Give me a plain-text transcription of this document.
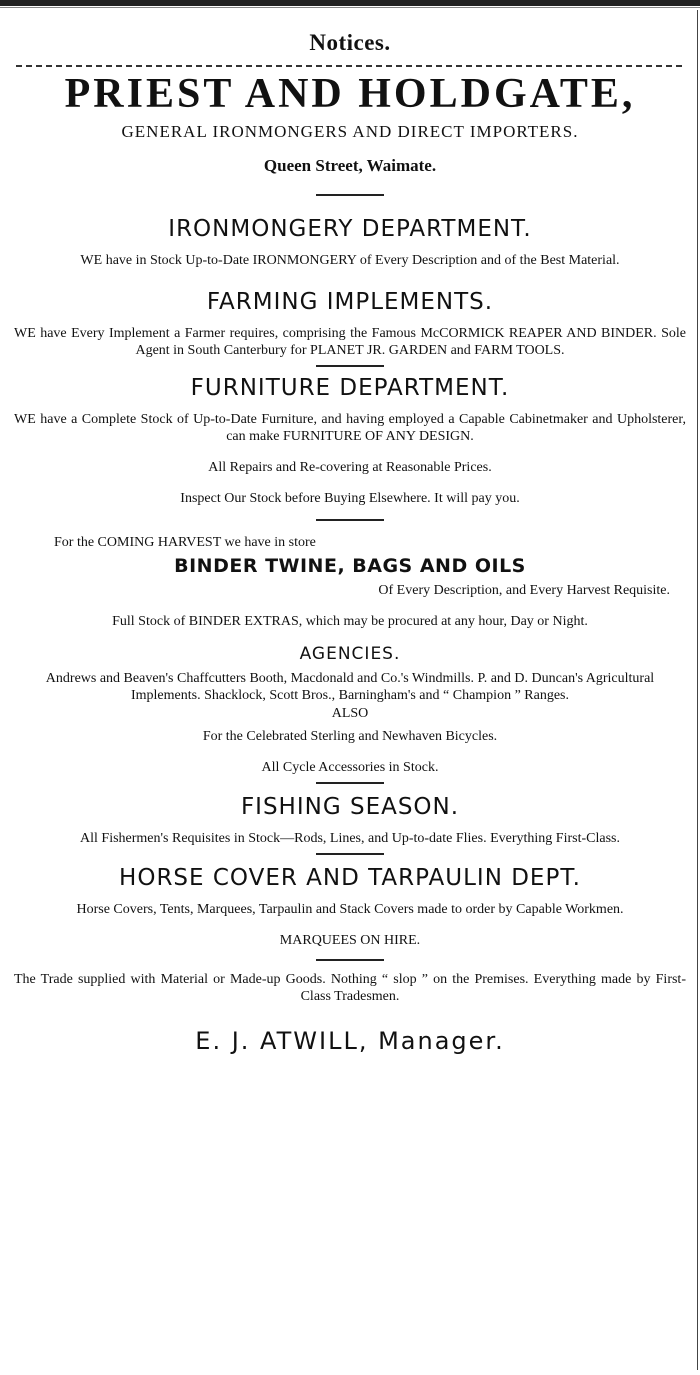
Notices.
PRIEST AND HOLDGATE,
GENERAL IRONMONGERS AND DIRECT IMPORTERS.
Queen Street, Waimate.
IRONMONGERY DEPARTMENT.
WE have in Stock Up-to-Date IRONMONGERY of Every Description and of the Best Material.
FARMING IMPLEMENTS.
WE have Every Implement a Farmer requires, comprising the Famous McCORMICK REAPER AND BINDER. Sole Agent in South Canterbury for PLANET JR. GARDEN and FARM TOOLS.
FURNITURE DEPARTMENT.
WE have a Complete Stock of Up-to-Date Furniture, and having employed a Capable Cabinetmaker and Upholsterer, can make FURNITURE OF ANY DESIGN.
All Repairs and Re-covering at Reasonable Prices.
Inspect Our Stock before Buying Elsewhere. It will pay you.
For the COMING HARVEST we have in store
BINDER TWINE, BAGS AND OILS
Of Every Description, and Every Harvest Requisite.
Full Stock of BINDER EXTRAS, which may be procured at any hour, Day or Night.
AGENCIES.
Andrews and Beaven's Chaffcutters Booth, Macdonald and Co.'s Windmills. P. and D. Duncan's Agricultural Implements. Shacklock, Scott Bros., Barningham's and “ Champion ” Ranges.
ALSO
For the Celebrated Sterling and Newhaven Bicycles.
All Cycle Accessories in Stock.
FISHING SEASON.
All Fishermen's Requisites in Stock—Rods, Lines, and Up-to-date Flies. Everything First-Class.
HORSE COVER AND TARPAULIN DEPT.
Horse Covers, Tents, Marquees, Tarpaulin and Stack Covers made to order by Capable Workmen.
MARQUEES ON HIRE.
The Trade supplied with Material or Made-up Goods. Nothing “ slop ” on the Premises. Everything made by First-Class Tradesmen.
E. J. ATWILL, Manager.
